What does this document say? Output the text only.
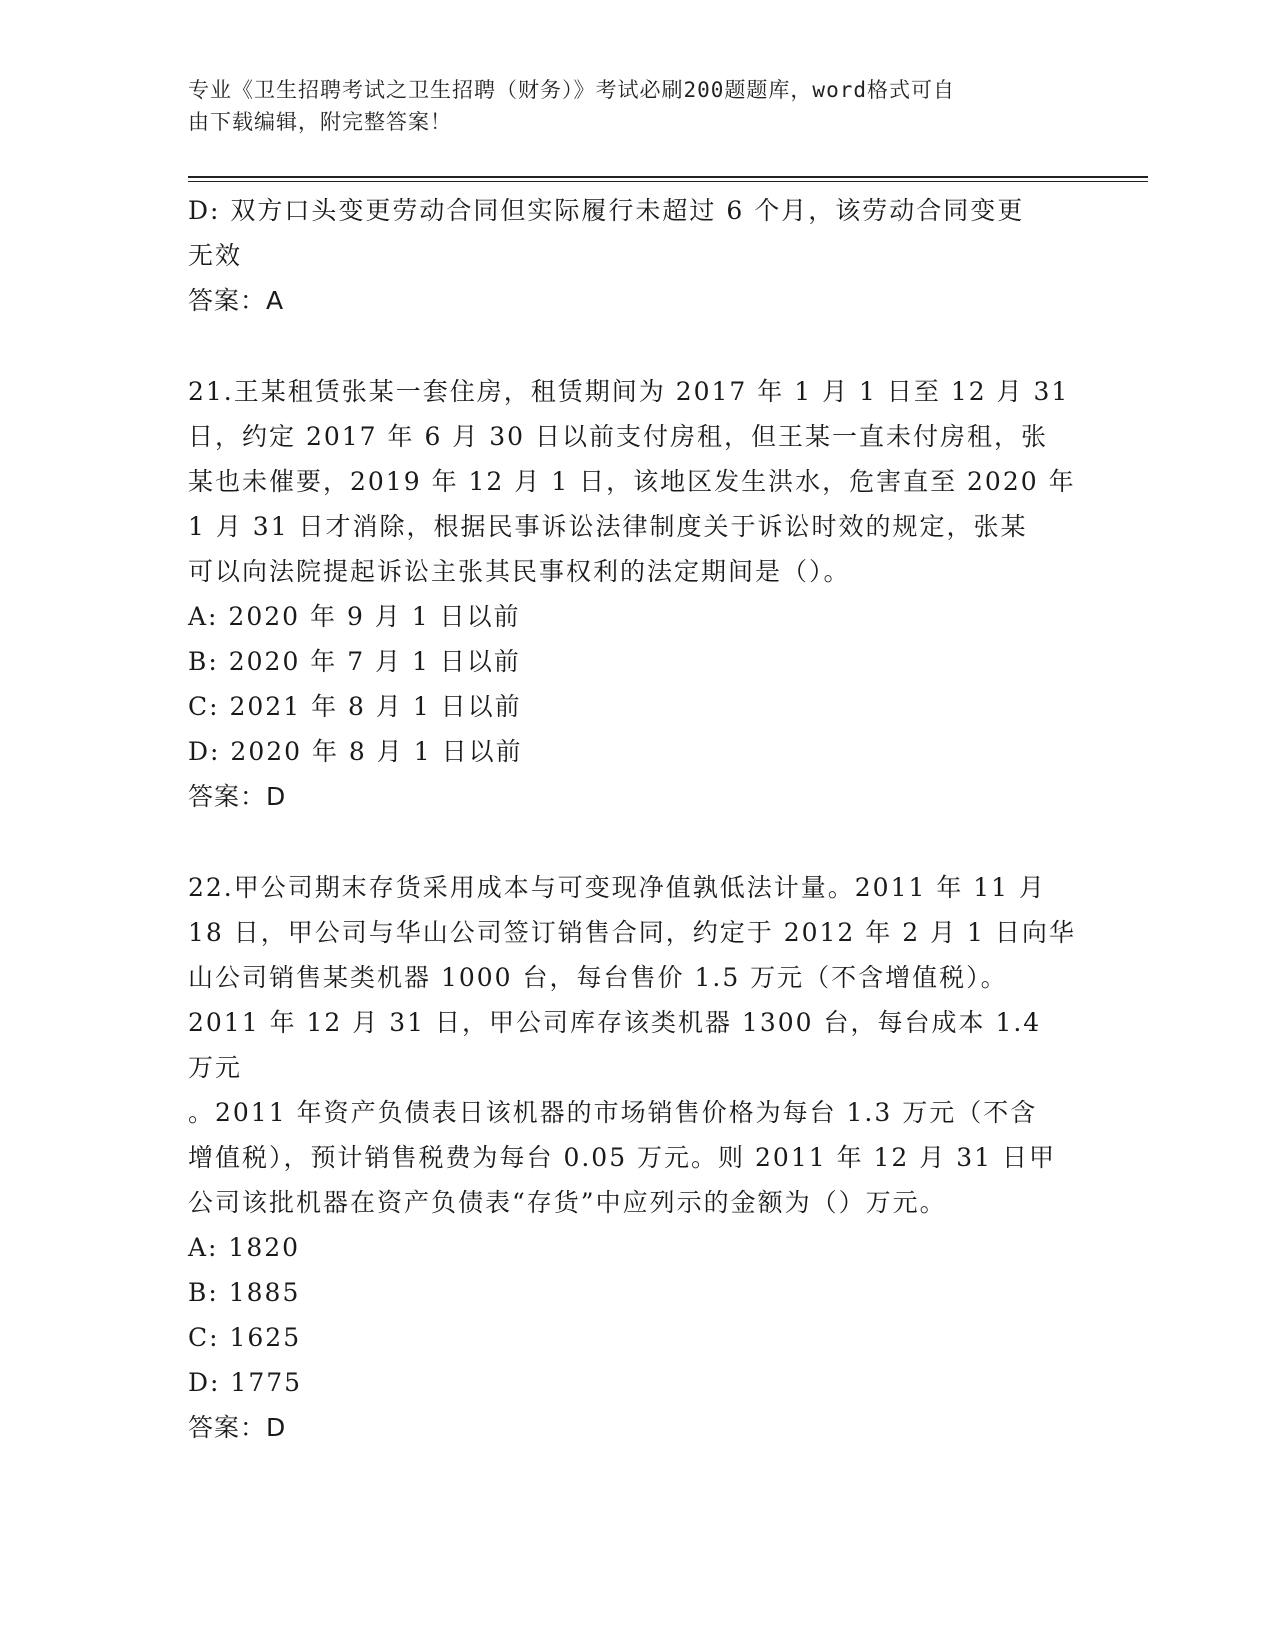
专业《卫生招聘考试之卫生招聘（财务）》考试必刷200题题库，word格式可自
由下载编辑，附完整答案！

D: 双方口头变更劳动合同但实际履行未超过 6 个月，该劳动合同变更

无效

答案：A

21.王某租赁张某一套住房，租赁期间为 2017 年 1 月 1 日至 12 月 31

日，约定 2017 年 6 月 30 日以前支付房租，但王某一直未付房租，张

某也未催要，2019 年 12 月 1 日，该地区发生洪水，危害直至 2020 年

1 月 31 日才消除，根据民事诉讼法律制度关于诉讼时效的规定，张某

可以向法院提起诉讼主张其民事权利的法定期间是（）。

A: 2020 年 9 月 1 日以前

B: 2020 年 7 月 1 日以前

C: 2021 年 8 月 1 日以前

D: 2020 年 8 月 1 日以前

答案：D

22.甲公司期末存货采用成本与可变现净值孰低法计量。2011 年 11 月

18 日，甲公司与华山公司签订销售合同，约定于 2012 年 2 月 1 日向华

山公司销售某类机器 1000 台，每台售价 1.5 万元（不含增值税）。

2011 年 12 月 31 日，甲公司库存该类机器 1300 台，每台成本 1.4 万元

。2011 年资产负债表日该机器的市场销售价格为每台 1.3 万元（不含

增值税），预计销售税费为每台 0.05 万元。则 2011 年 12 月 31 日甲

公司该批机器在资产负债表“存货”中应列示的金额为（）万元。

A: 1820

B: 1885

C: 1625

D: 1775

答案：D
